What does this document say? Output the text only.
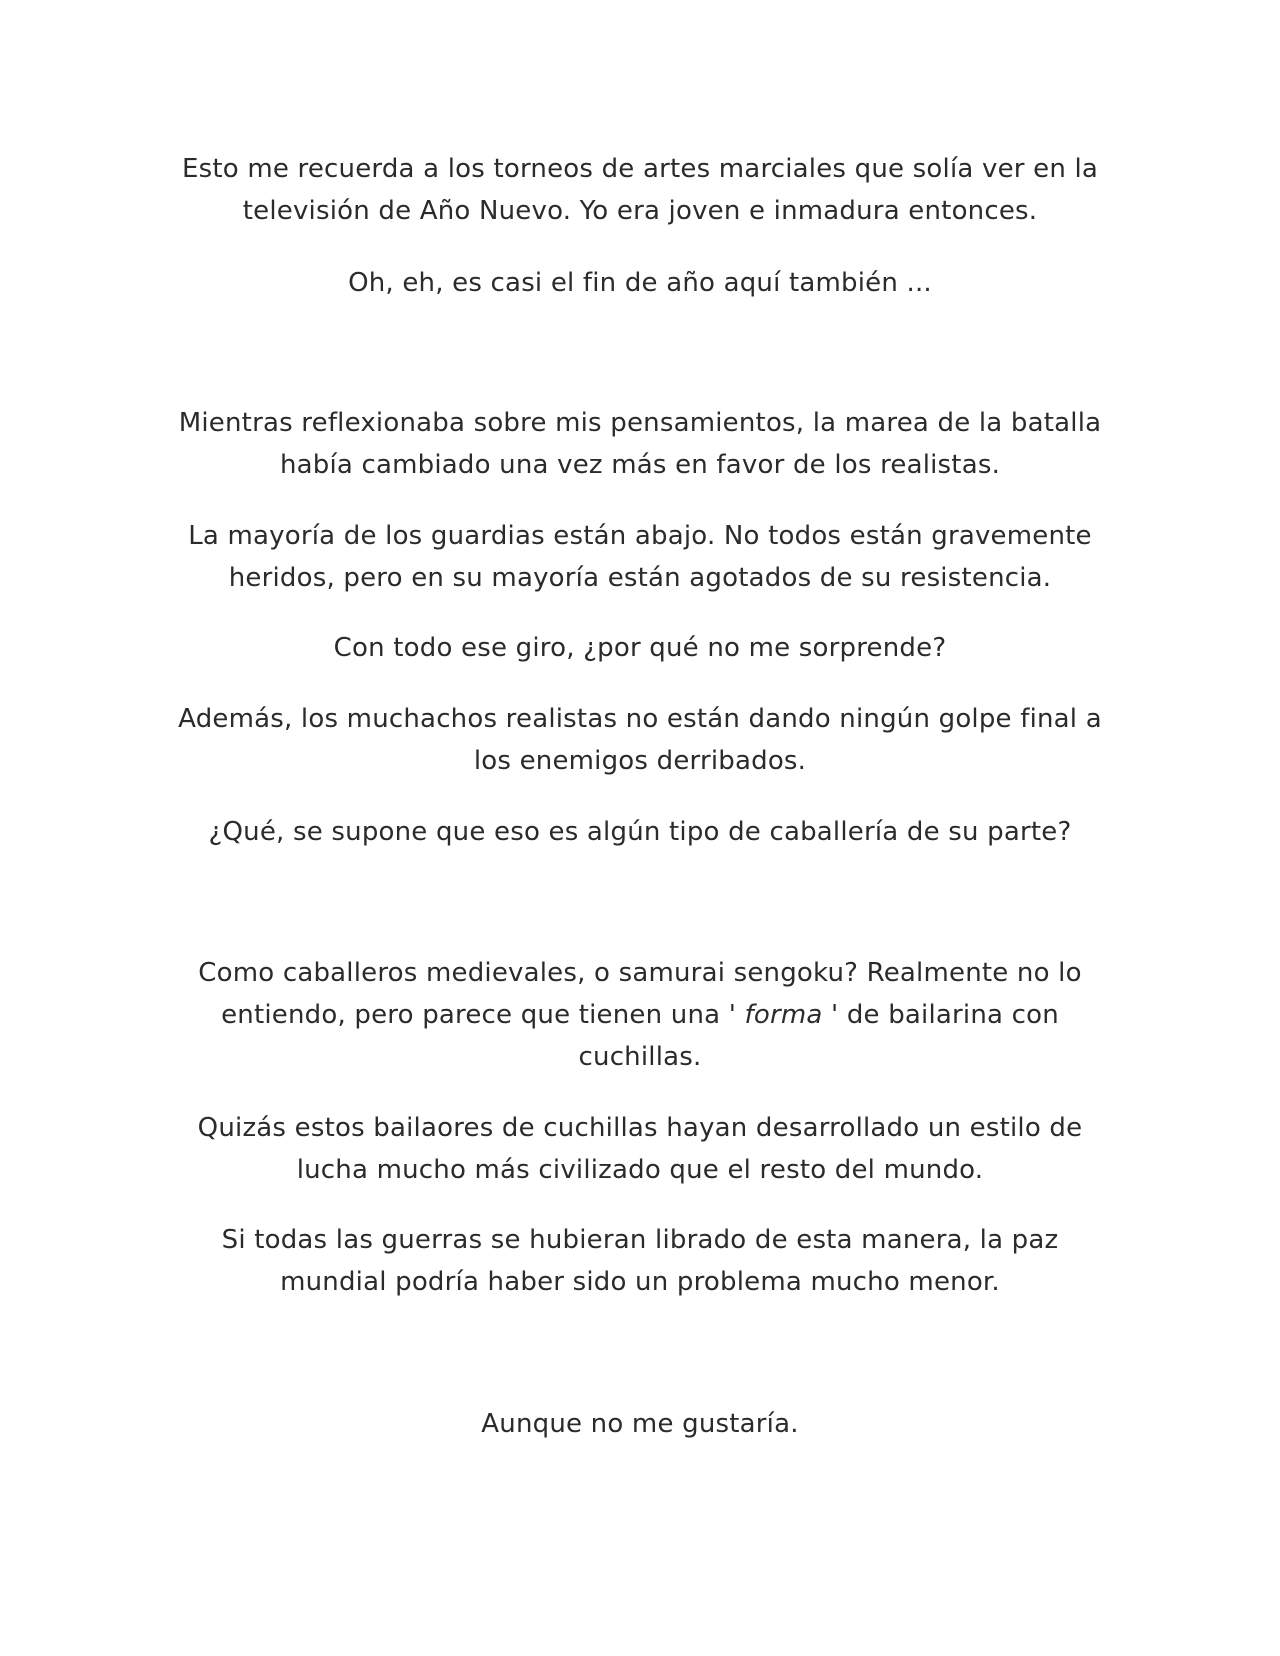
Esto me recuerda a los torneos de artes marciales que solía ver en la televisión de Año Nuevo. Yo era joven e inmadura entonces.

Oh, eh, es casi el fin de año aquí también ...

Mientras reflexionaba sobre mis pensamientos, la marea de la batalla había cambiado una vez más en favor de los realistas.

La mayoría de los guardias están abajo. No todos están gravemente heridos, pero en su mayoría están agotados de su resistencia.

Con todo ese giro, ¿por qué no me sorprende?

Además, los muchachos realistas no están dando ningún golpe final a los enemigos derribados.

¿Qué, se supone que eso es algún tipo de caballería de su parte?

Como caballeros medievales, o samurai sengoku? Realmente no lo entiendo, pero parece que tienen una ' forma ' de bailarina con cuchillas.

Quizás estos bailaores de cuchillas hayan desarrollado un estilo de lucha mucho más civilizado que el resto del mundo.

Si todas las guerras se hubieran librado de esta manera, la paz mundial podría haber sido un problema mucho menor.

Aunque no me gustaría.
